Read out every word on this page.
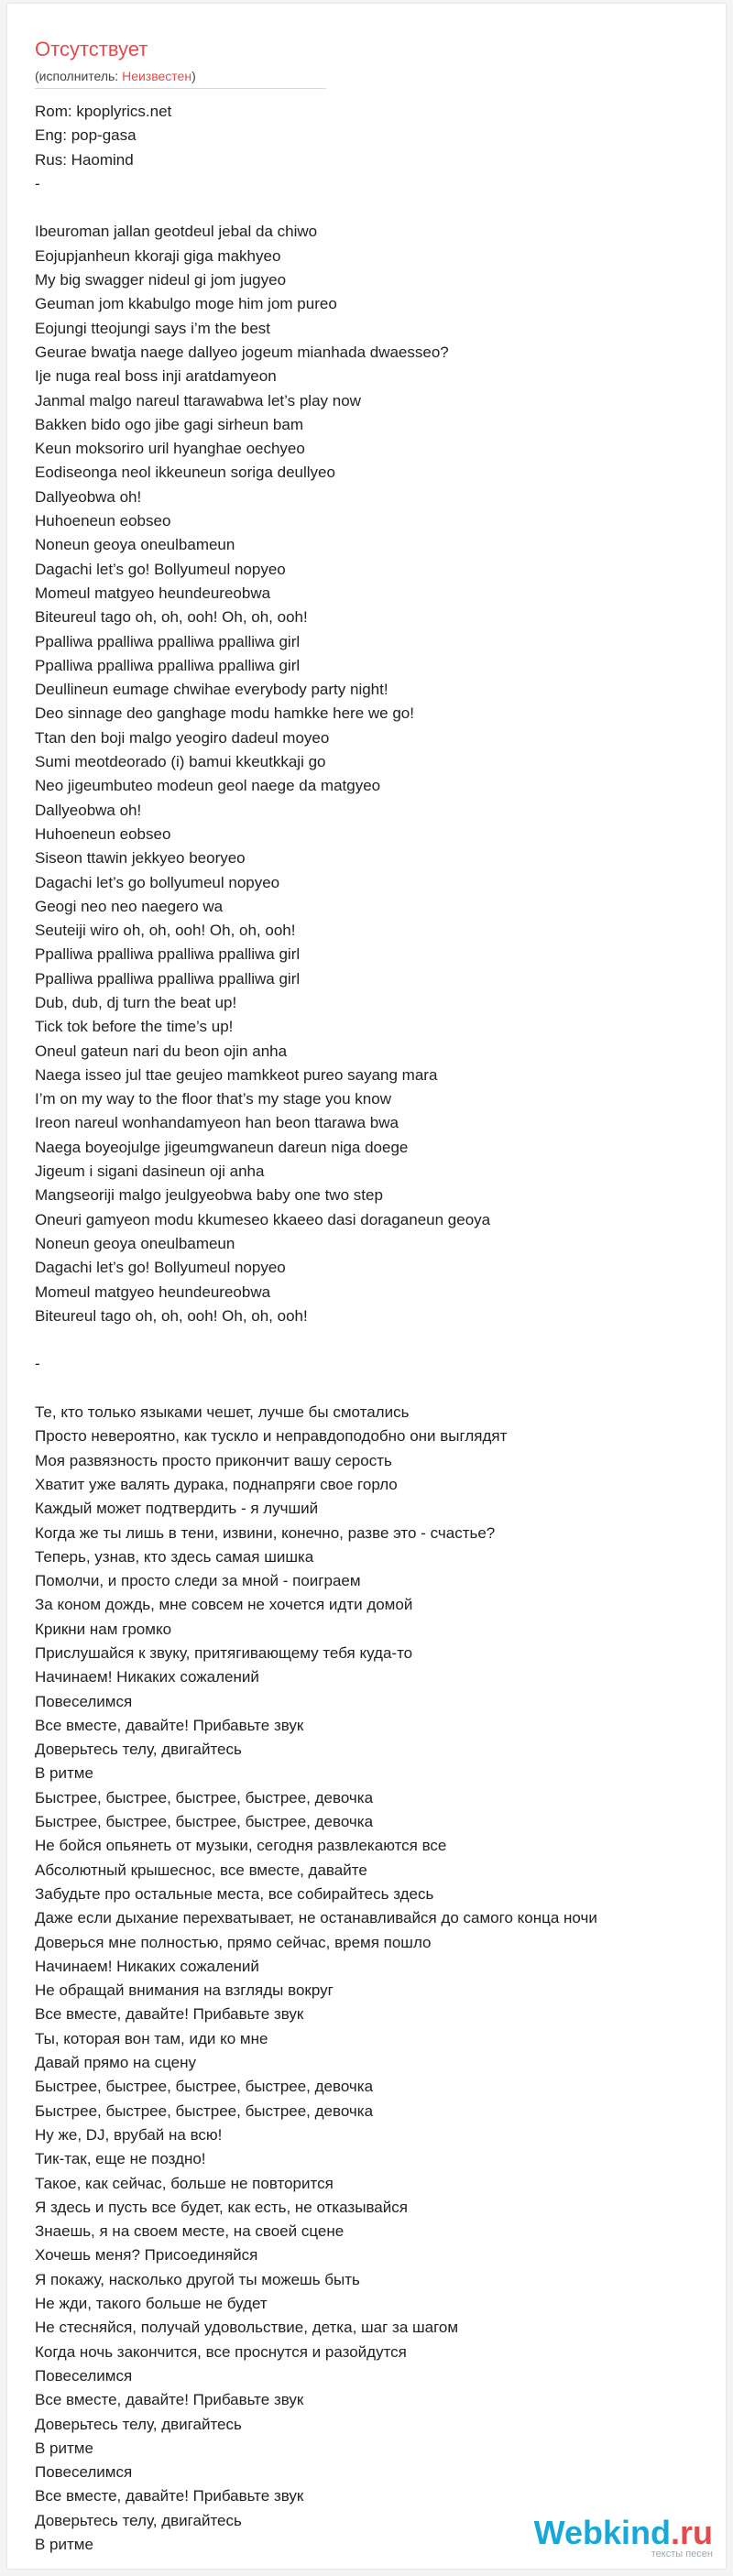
Отсутствует
(исполнитель: Неизвестен)
Rom: kpoplyrics.net
Eng: pop-gasa
Rus: Haomind
-
Ibeuroman jallan geotdeul jebal da chiwo
Eojupjanheun kkoraji giga makhyeo
My big swagger nideul gi jom jugyeo
Geuman jom kkabulgo moge him jom pureo
Eojungi tteojungi says i’m the best
Geurae bwatja naege dallyeo jogeum mianhada dwaesseo?
Ije nuga real boss inji aratdamyeon
Janmal malgo nareul ttarawabwa let’s play now
Bakken bido ogo jibe gagi sirheun bam
Keun moksoriro uril hyanghae oechyeo
Eodiseonga neol ikkeuneun soriga deullyeo
Dallyeobwa oh!
Huhoeneun eobseo
Noneun geoya oneulbameun
Dagachi let’s go! Bollyumeul nopyeo
Momeul matgyeo heundeureobwa
Biteureul tago oh, oh, ooh! Oh, oh, ooh!
Ppalliwa ppalliwa ppalliwa ppalliwa girl
Ppalliwa ppalliwa ppalliwa ppalliwa girl
Deullineun eumage chwihae everybody party night!
Deo sinnage deo ganghage modu hamkke here we go!
Ttan den boji malgo yeogiro dadeul moyeo
Sumi meotdeorado (i) bamui kkeutkkaji go
Neo jigeumbuteo modeun geol naege da matgyeo
Dallyeobwa oh!
Huhoeneun eobseo
Siseon ttawin jekkyeo beoryeo
Dagachi let’s go bollyumeul nopyeo
Geogi neo neo naegero wa
Seuteiji wiro oh, oh, ooh! Oh, oh, ooh!
Ppalliwa ppalliwa ppalliwa ppalliwa girl
Ppalliwa ppalliwa ppalliwa ppalliwa girl
Dub, dub, dj turn the beat up!
Tick tok before the time’s up!
Oneul gateun nari du beon ojin anha
Naega isseo jul ttae geujeo mamkkeot pureo sayang mara
I’m on my way to the floor that’s my stage you know
Ireon nareul wonhandamyeon han beon ttarawa bwa
Naega boyeojulge jigeumgwaneun dareun niga doege
Jigeum i sigani dasineun oji anha
Mangseoriji malgo jeulgyeobwa baby one two step
Oneuri gamyeon modu kkumeseo kkaeeo dasi doraganeun geoya
Noneun geoya oneulbameun
Dagachi let’s go! Bollyumeul nopyeo
Momeul matgyeo heundeureobwa
Biteureul tago oh, oh, ooh! Oh, oh, ooh!
-
Те, кто только языками чешет, лучше бы смотались
Просто невероятно, как тускло и неправдоподобно они выглядят
Моя развязность просто прикончит вашу серость
Хватит уже валять дурака, поднапряги свое горло
Каждый может подтвердить - я лучший
Когда же ты лишь в тени, извини, конечно, разве это - счастье?
Теперь, узнав, кто здесь самая шишка
Помолчи, и просто следи за мной - поиграем
За коном дождь, мне совсем не хочется идти домой
Крикни нам громко
Прислушайся к звуку, притягивающему тебя куда-то
Начинаем! Никаких сожалений
Повеселимся
Все вместе, давайте! Прибавьте звук
Доверьтесь телу, двигайтесь
В ритме
Быстрее, быстрее, быстрее, быстрее, девочка
Быстрее, быстрее, быстрее, быстрее, девочка
Не бойся опьянеть от музыки, сегодня развлекаются все
Абсолютный крышеснос, все вместе, давайте
Забудьте про остальные места, все собирайтесь здесь
Даже если дыхание перехватывает, не останавливайся до самого конца ночи
Доверься мне полностью, прямо сейчас, время пошло
Начинаем! Никаких сожалений
Не обращай внимания на взгляды вокруг
Все вместе, давайте! Прибавьте звук
Ты, которая вон там, иди ко мне
Давай прямо на сцену
Быстрее, быстрее, быстрее, быстрее, девочка
Быстрее, быстрее, быстрее, быстрее, девочка
Ну же, DJ, врубай на всю!
Тик-так, еще не поздно!
Такое, как сейчас, больше не повторится
Я здесь и пусть все будет, как есть, не отказывайся
Знаешь, я на своем месте, на своей сцене
Хочешь меня? Присоединяйся
Я покажу, насколько другой ты можешь быть
Не жди, такого больше не будет
Не стесняйся, получай удовольствие, детка, шаг за шагом
Когда ночь закончится, все проснутся и разойдутся
Повеселимся
Все вместе, давайте! Прибавьте звук
Доверьтесь телу, двигайтесь
В ритме
Повеселимся
Все вместе, давайте! Прибавьте звук
Доверьтесь телу, двигайтесь
В ритме	Webkind.ru
тексты песен
